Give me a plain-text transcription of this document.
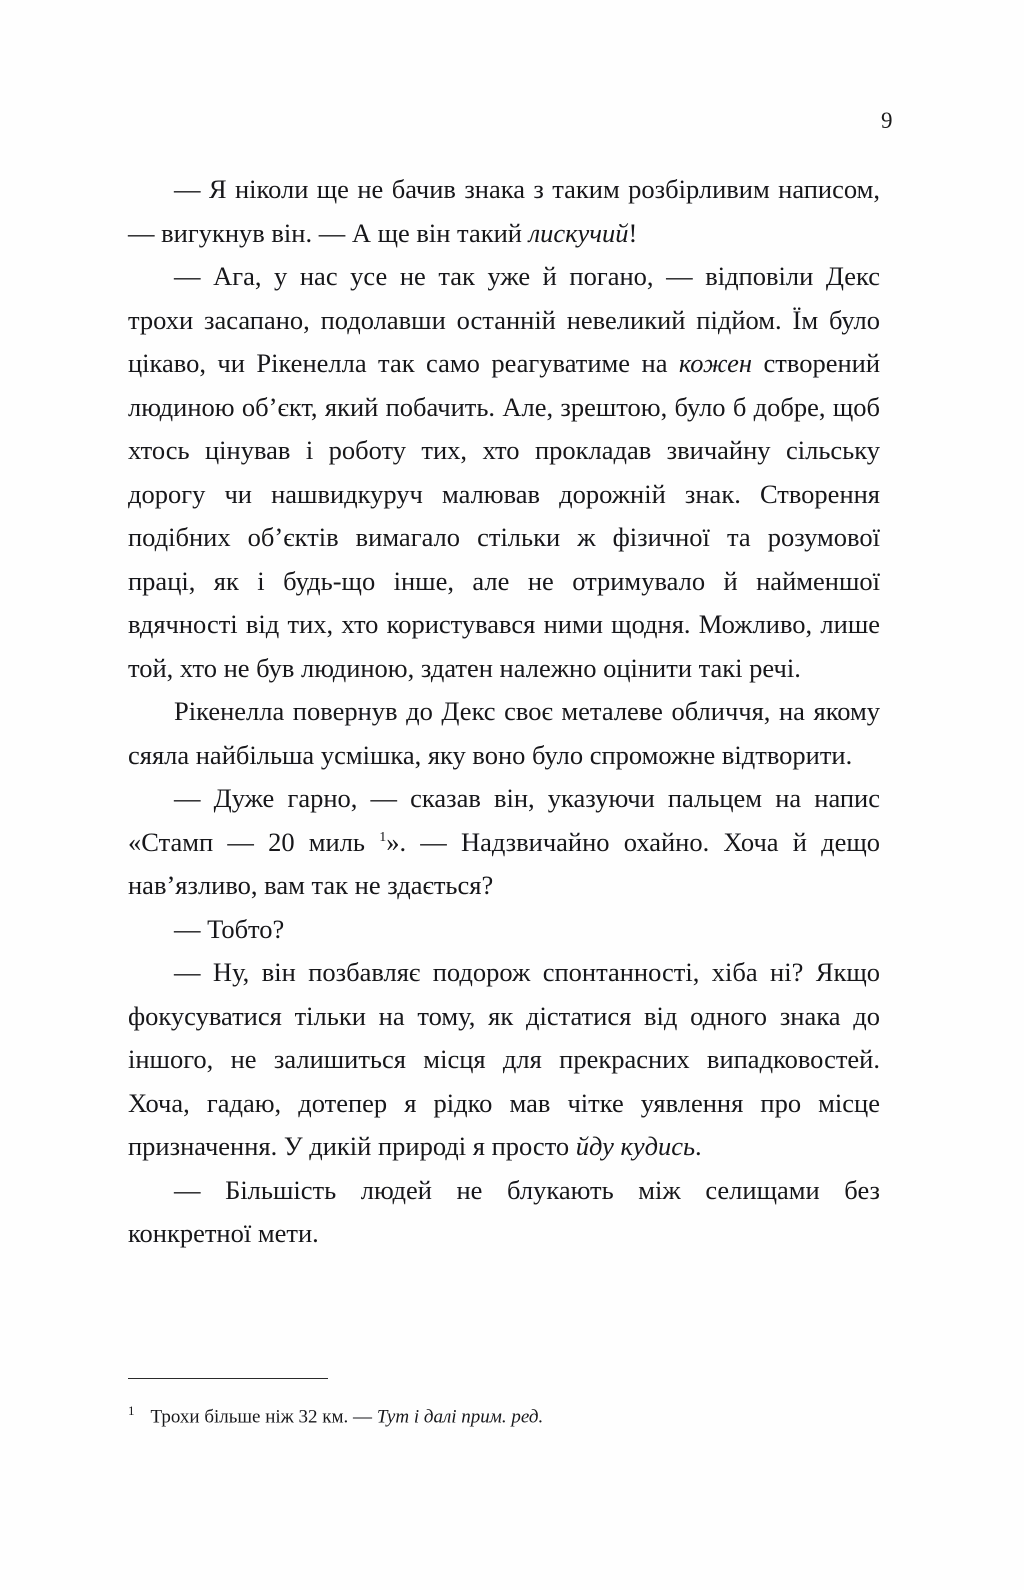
9

— Я ніколи ще не бачив знака з таким розбірливим написом, — вигукнув він. — А ще він такий лискучий!

— Ага, у нас усе не так уже й погано, — відповіли Декс трохи засапано, подолавши останній невеликий підйом. Їм було цікаво, чи Рікенелла так само реагуватиме на кожен створений людиною об’єкт, який побачить. Але, зрештою, було б добре, щоб хтось цінував і роботу тих, хто прокладав звичайну сільську дорогу чи нашвидкуруч малював дорожній знак. Створення подібних об’єктів вимагало стільки ж фізичної та розумової праці, як і будь-що інше, але не отримувало й найменшої вдячності від тих, хто користувався ними щодня. Можливо, лише той, хто не був людиною, здатен належно оцінити такі речі.

Рікенелла повернув до Декс своє металеве обличчя, на якому сяяла найбільша усмішка, яку воно було спроможне відтворити.

— Дуже гарно, — сказав він, указуючи пальцем на напис «Стамп — 20 миль $^1$». — Надзвичайно охайно. Хоча й дещо нав’язливо, вам так не здається?

— Тобто?

— Ну, він позбавляє подорож спонтанності, хіба ні? Якщо фокусуватися тільки на тому, як дістатися від одного знака до іншого, не залишиться місця для прекрасних випадковостей. Хоча, гадаю, дотепер я рідко мав чітке уявлення про місце призначення. У дикій природі я просто йду кудись.

— Більшість людей не блукають між селищами без конкретної мети.

$^1$ Трохи більше ніж 32 км. — Тут і далі прим. ред.
